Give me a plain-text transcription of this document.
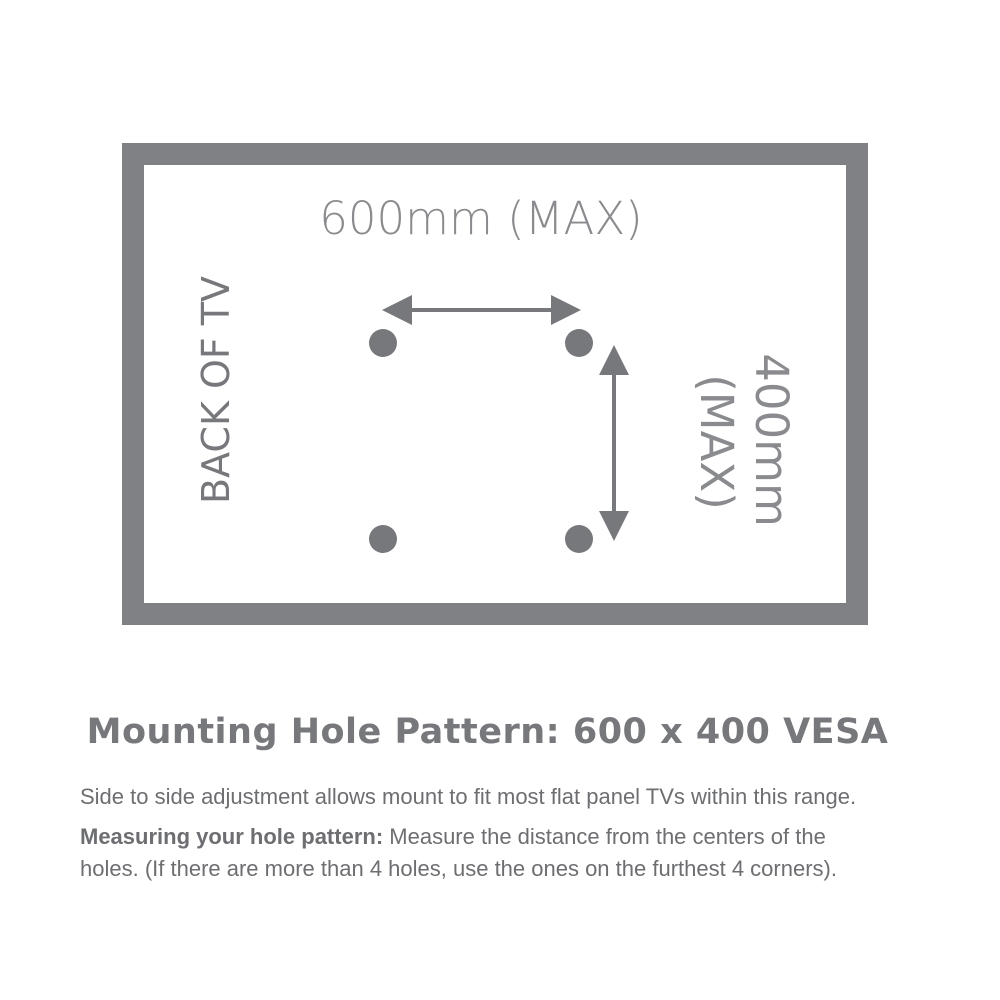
BACK OF TV
600mm (MAX)
400mm
(MAX)
Mounting Hole Pattern: 600 x 400 VESA
Side to side adjustment allows mount to fit most flat panel TVs within this range.
Measuring your hole pattern: Measure the distance from the centers of the
holes. (If there are more than 4 holes, use the ones on the furthest 4 corners).
